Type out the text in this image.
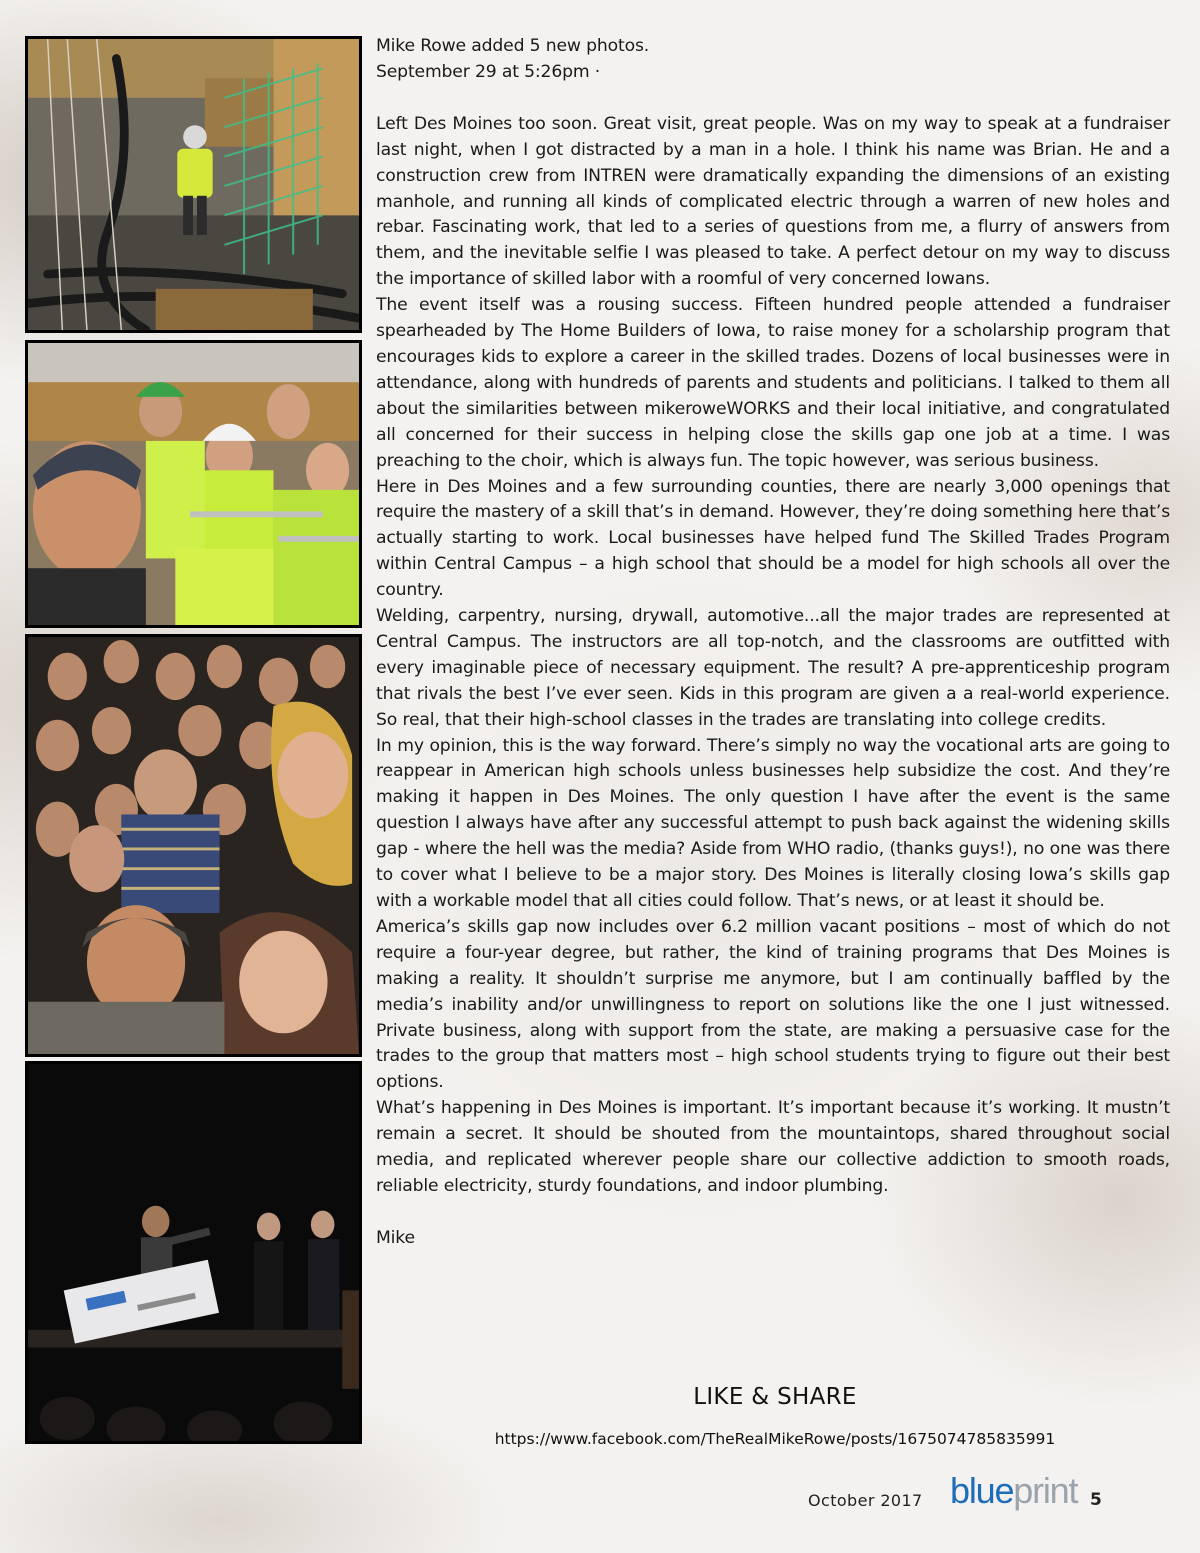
Mike Rowe added 5 new photos.

September 29 at 5:26pm ·

Left Des Moines too soon. Great visit, great people. Was on my way to speak at a fundraiser last night, when I got distracted by a man in a hole. I think his name was Brian. He and a construction crew from INTREN were dramatically expanding the dimensions of an existing manhole, and running all kinds of complicated electric through a warren of new holes and rebar. Fascinating work, that led to a series of questions from me, a flurry of answers from them, and the inevitable selfie I was pleased to take. A perfect detour on my way to discuss the importance of skilled labor with a roomful of very concerned Iowans.

The event itself was a rousing success. Fifteen hundred people attended a fundraiser spearheaded by The Home Builders of Iowa, to raise money for a scholarship program that encourages kids to explore a career in the skilled trades. Dozens of local businesses were in attendance, along with hundreds of parents and students and politicians. I talked to them all about the similarities between mikeroweWORKS and their local initiative, and congratulated all concerned for their success in helping close the skills gap one job at a time. I was preaching to the choir, which is always fun. The topic however, was serious business.

Here in Des Moines and a few surrounding counties, there are nearly 3,000 openings that require the mastery of a skill that’s in demand. However, they’re doing something here that’s actually starting to work. Local businesses have helped fund The Skilled Trades Program within Central Campus – a high school that should be a model for high schools all over the country.

Welding, carpentry, nursing, drywall, automotive...all the major trades are represented at Central Campus. The instructors are all top-notch, and the classrooms are outfitted with every imaginable piece of necessary equipment. The result? A pre-apprenticeship program that rivals the best I’ve ever seen. Kids in this program are given a a real-world experience. So real, that their high-school classes in the trades are translating into college credits.

In my opinion, this is the way forward. There’s simply no way the vocational arts are going to reappear in American high schools unless businesses help subsidize the cost. And they’re making it happen in Des Moines. The only question I have after the event is the same question I always have after any successful attempt to push back against the widening skills gap - where the hell was the media? Aside from WHO radio, (thanks guys!), no one was there to cover what I believe to be a major story. Des Moines is literally closing Iowa’s skills gap with a workable model that all cities could follow. That’s news, or at least it should be.

America’s skills gap now includes over 6.2 million vacant positions – most of which do not require a four-year degree, but rather, the kind of training programs that Des Moines is making a reality. It shouldn’t surprise me anymore, but I am continually baffled by the media’s inability and/or unwillingness to report on solutions like the one I just witnessed. Private business, along with support from the state, are making a persuasive case for the trades to the group that matters most – high school students trying to figure out their best options.

What’s happening in Des Moines is important. It’s important because it’s working. It mustn’t remain a secret. It should be shouted from the mountaintops, shared throughout social media, and replicated wherever people share our collective addiction to smooth roads, reliable electricity, sturdy foundations, and indoor plumbing.

Mike

LIKE & SHARE
https://www.facebook.com/TheRealMikeRowe/posts/1675074785835991
October 2017 blueprint 5
